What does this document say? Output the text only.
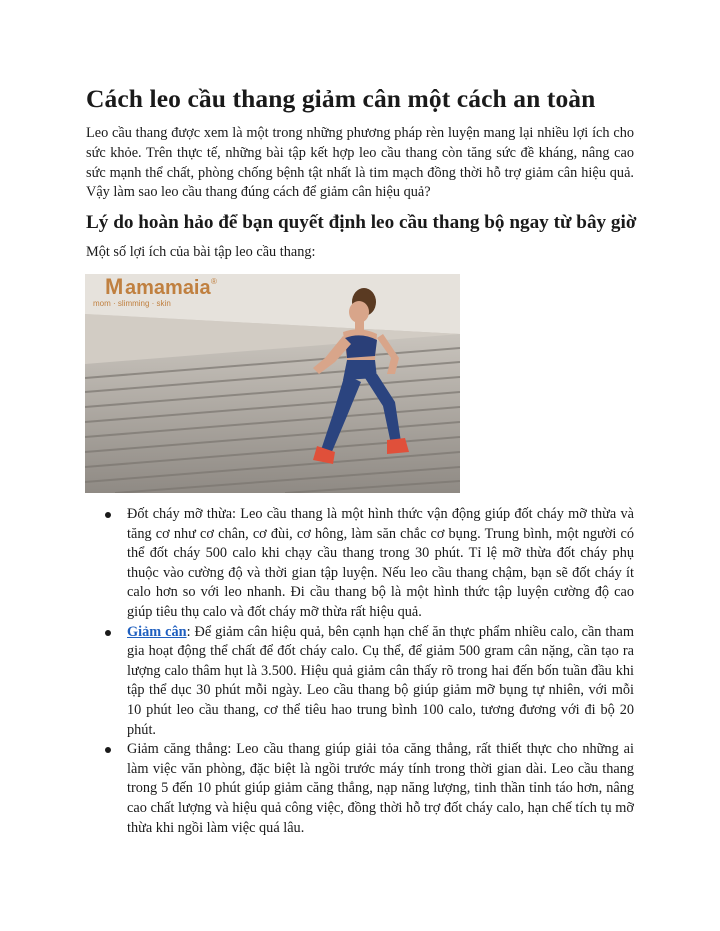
Cách leo cầu thang giảm cân một cách an toàn

Leo cầu thang được xem là một trong những phương pháp rèn luyện mang lại nhiều lợi ích cho sức khỏe. Trên thực tế, những bài tập kết hợp leo cầu thang còn tăng sức đề kháng, nâng cao sức mạnh thể chất, phòng chống bệnh tật nhất là tim mạch đồng thời hỗ trợ giảm cân hiệu quả. Vậy làm sao leo cầu thang đúng cách để giảm cân hiệu quả?

Lý do hoàn hảo để bạn quyết định leo cầu thang bộ ngay từ bây giờ

Một số lợi ích của bài tập leo cầu thang:

M amamaia ®
mom · slimming · skin
Đốt cháy mỡ thừa: Leo cầu thang là một hình thức vận động giúp đốt cháy mỡ thừa và tăng cơ như cơ chân, cơ đùi, cơ hông, làm săn chắc cơ bụng. Trung bình, một người có thể đốt cháy 500 calo khi chạy cầu thang trong 30 phút. Tỉ lệ mỡ thừa đốt cháy phụ thuộc vào cường độ và thời gian tập luyện. Nếu leo cầu thang chậm, bạn sẽ đốt cháy ít calo hơn so với leo nhanh. Đi cầu thang bộ là một hình thức tập luyện cường độ cao giúp tiêu thụ calo và đốt cháy mỡ thừa rất hiệu quả.
Giảm cân: Để giảm cân hiệu quả, bên cạnh hạn chế ăn thực phẩm nhiều calo, cần tham gia hoạt động thể chất để đốt cháy calo. Cụ thể, để giảm 500 gram cân nặng, cần tạo ra lượng calo thâm hụt là 3.500. Hiệu quả giảm cân thấy rõ trong hai đến bốn tuần đầu khi tập thể dục 30 phút mỗi ngày. Leo cầu thang bộ giúp giảm mỡ bụng tự nhiên, với mỗi 10 phút leo cầu thang, cơ thể tiêu hao trung bình 100 calo, tương đương với đi bộ 20 phút.
Giảm căng thẳng: Leo cầu thang giúp giải tỏa căng thẳng, rất thiết thực cho những ai làm việc văn phòng, đặc biệt là ngồi trước máy tính trong thời gian dài. Leo cầu thang trong 5 đến 10 phút giúp giảm căng thẳng, nạp năng lượng, tinh thần tỉnh táo hơn, nâng cao chất lượng và hiệu quả công việc, đồng thời hỗ trợ đốt cháy calo, hạn chế tích tụ mỡ thừa khi ngồi làm việc quá lâu.
